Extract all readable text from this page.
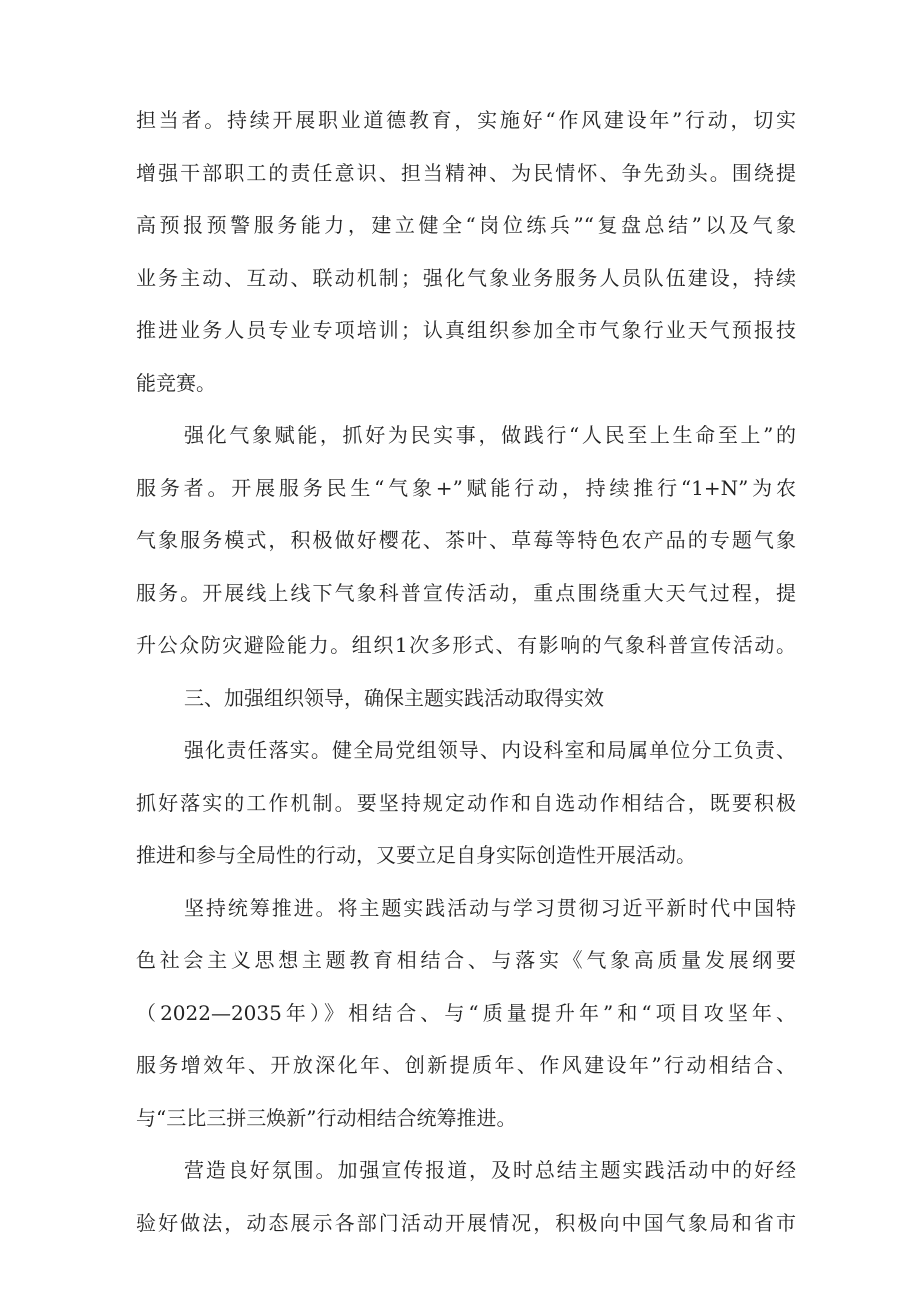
担当者。持续开展职业道德教育，实施好“作风建设年”行动，切实
增强干部职工的责任意识、担当精神、为民情怀、争先劲头。围绕提
高预报预警服务能力，建立健全“岗位练兵”“复盘总结”以及气象
业务主动、互动、联动机制；强化气象业务服务人员队伍建设，持续
推进业务人员专业专项培训；认真组织参加全市气象行业天气预报技
能竞赛。
强化气象赋能，抓好为民实事，做践行“人民至上生命至上”的
服务者。开展服务民生“气象+”赋能行动，持续推行“1+N”为农
气象服务模式，积极做好樱花、茶叶、草莓等特色农产品的专题气象
服务。开展线上线下气象科普宣传活动，重点围绕重大天气过程，提
升公众防灾避险能力。组织1次多形式、有影响的气象科普宣传活动。
三、加强组织领导，确保主题实践活动取得实效
强化责任落实。健全局党组领导、内设科室和局属单位分工负责、
抓好落实的工作机制。要坚持规定动作和自选动作相结合，既要积极
推进和参与全局性的行动，又要立足自身实际创造性开展活动。
坚持统筹推进。将主题实践活动与学习贯彻习近平新时代中国特
色社会主义思想主题教育相结合、与落实《气象高质量发展纲要
（2022—2035年）》相结合、与“质量提升年”和“项目攻坚年、
服务增效年、开放深化年、创新提质年、作风建设年”行动相结合、
与“三比三拼三焕新”行动相结合统筹推进。
营造良好氛围。加强宣传报道，及时总结主题实践活动中的好经
验好做法，动态展示各部门活动开展情况，积极向中国气象局和省市
